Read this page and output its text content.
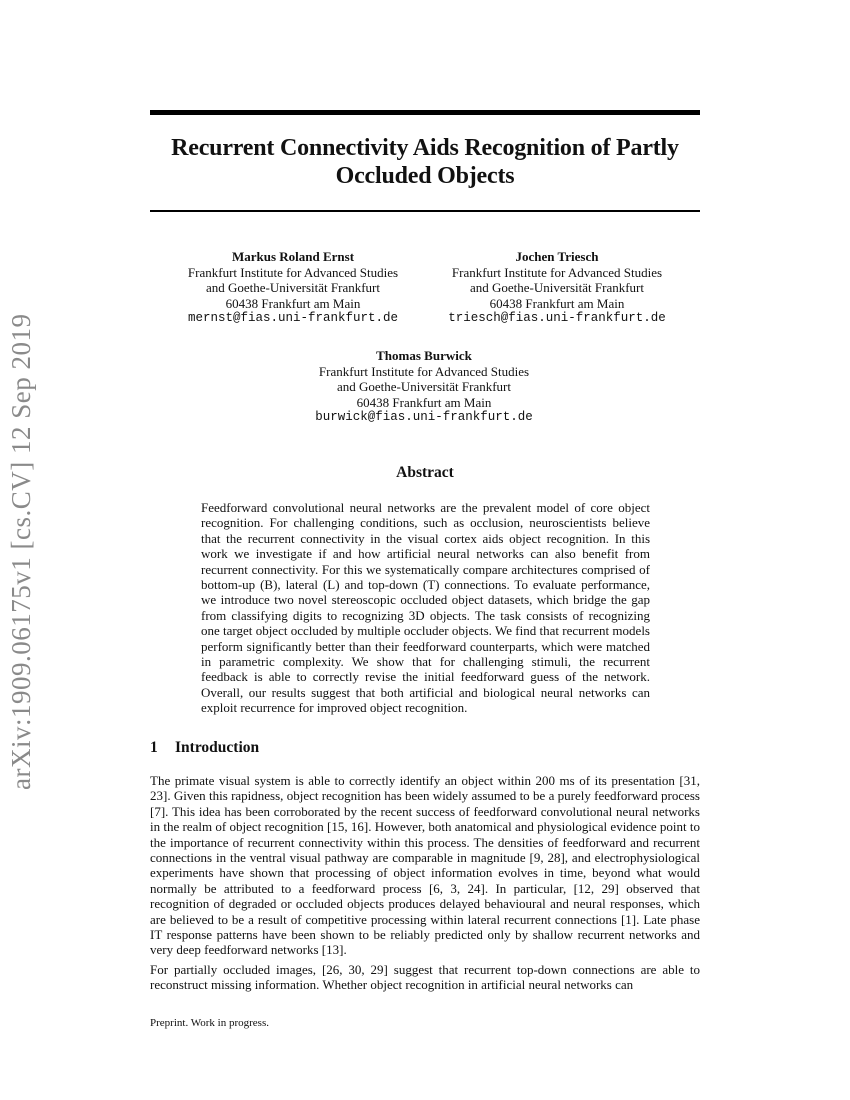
arXiv:1909.06175v1 [cs.CV] 12 Sep 2019
Recurrent Connectivity Aids Recognition of Partly Occluded Objects
Markus Roland Ernst
Frankfurt Institute for Advanced Studies
and Goethe-Universität Frankfurt
60438 Frankfurt am Main
mernst@fias.uni-frankfurt.de
Jochen Triesch
Frankfurt Institute for Advanced Studies
and Goethe-Universität Frankfurt
60438 Frankfurt am Main
triesch@fias.uni-frankfurt.de
Thomas Burwick
Frankfurt Institute for Advanced Studies
and Goethe-Universität Frankfurt
60438 Frankfurt am Main
burwick@fias.uni-frankfurt.de
Abstract

Feedforward convolutional neural networks are the prevalent model of core object recognition. For challenging conditions, such as occlusion, neuroscientists believe that the recurrent connectivity in the visual cortex aids object recognition. In this work we investigate if and how artificial neural networks can also benefit from recurrent connectivity. For this we systematically compare architectures comprised of bottom-up (B), lateral (L) and top-down (T) connections. To evaluate performance, we introduce two novel stereoscopic occluded object datasets, which bridge the gap from classifying digits to recognizing 3D objects. The task consists of recognizing one target object occluded by multiple occluder objects. We find that recurrent models perform significantly better than their feedforward counterparts, which were matched in parametric complexity. We show that for challenging stimuli, the recurrent feedback is able to correctly revise the initial feedforward guess of the network. Overall, our results suggest that both artificial and biological neural networks can exploit recurrence for improved object recognition.

1 Introduction

The primate visual system is able to correctly identify an object within 200 ms of its presentation [31, 23]. Given this rapidness, object recognition has been widely assumed to be a purely feedforward process [7]. This idea has been corroborated by the recent success of feedforward convolutional neural networks in the realm of object recognition [15, 16]. However, both anatomical and physiological evidence point to the importance of recurrent connectivity within this process. The densities of feedforward and recurrent connections in the ventral visual pathway are comparable in magnitude [9, 28], and electrophysiological experiments have shown that processing of object information evolves in time, beyond what would normally be attributed to a feedforward process [6, 3, 24]. In particular, [12, 29] observed that recognition of degraded or occluded objects produces delayed behavioural and neural responses, which are believed to be a result of competitive processing within lateral recurrent connections [1]. Late phase IT response patterns have been shown to be reliably predicted only by shallow recurrent networks and very deep feedforward networks [13].

For partially occluded images, [26, 30, 29] suggest that recurrent top-down connections are able to reconstruct missing information. Whether object recognition in artificial neural networks can

Preprint. Work in progress.
